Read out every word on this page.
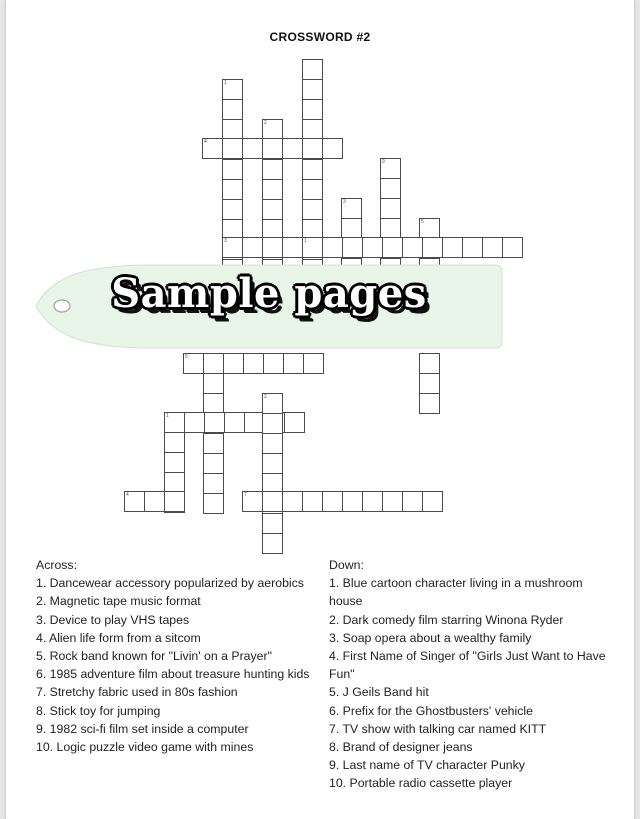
CROSSWORD #2
1
2
4
9
3
5
1
3
5
1
2
4	7
Sample pages
Across:
1. Dancewear accessory popularized by aerobics
2. Magnetic tape music format
3. Device to play VHS tapes
4. Alien life form from a sitcom
5. Rock band known for "Livin' on a Prayer"
6. 1985 adventure film about treasure hunting kids
7. Stretchy fabric used in 80s fashion
8. Stick toy for jumping
9. 1982 sci-fi film set inside a computer
10. Logic puzzle video game with mines
Down:
1. Blue cartoon character living in a mushroom house
2. Dark comedy film starring Winona Ryder
3. Soap opera about a wealthy family
4. First Name of Singer of "Girls Just Want to Have Fun"
5. J Geils Band hit
6. Prefix for the Ghostbusters' vehicle
7. TV show with talking car named KITT
8. Brand of designer jeans
9. Last name of TV character Punky
10. Portable radio cassette player
